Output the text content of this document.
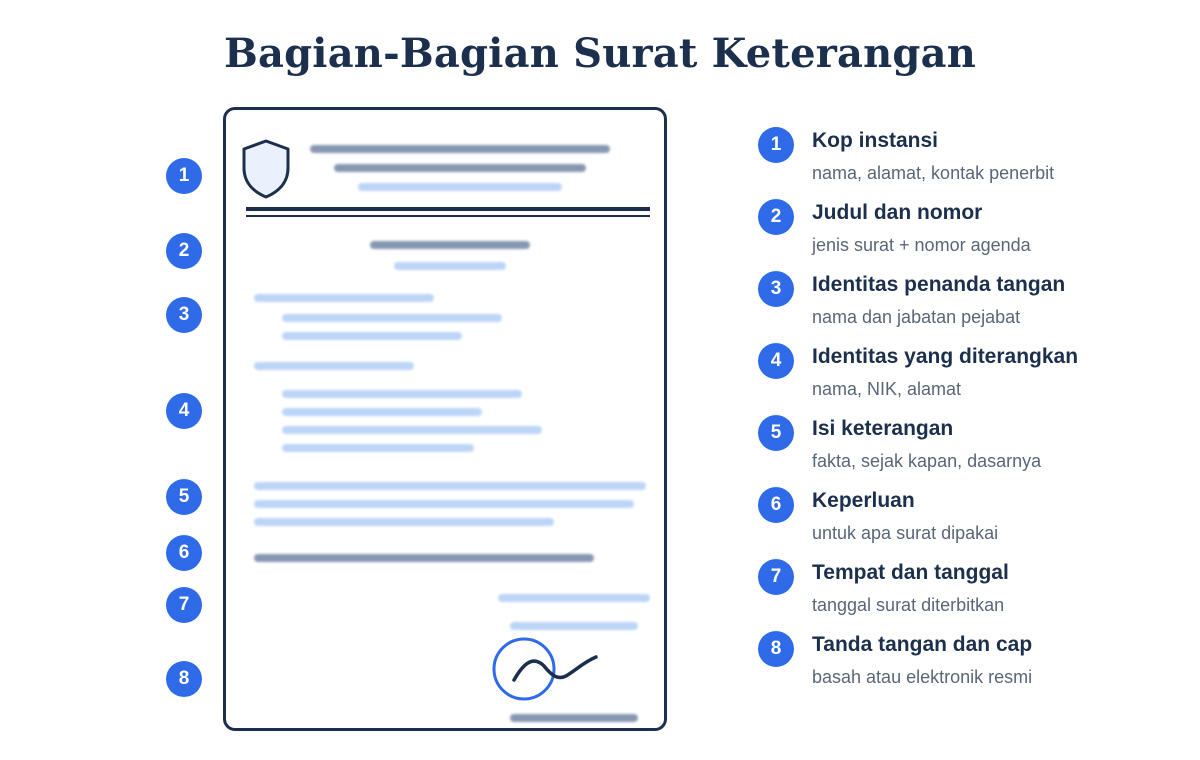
Bagian-Bagian Surat Keterangan
1
2
3
4
5
6
7
8
1	Kop instansi
nama, alamat, kontak penerbit
2	Judul dan nomor
jenis surat + nomor agenda
3	Identitas penanda tangan
nama dan jabatan pejabat
4	Identitas yang diterangkan
nama, NIK, alamat
5	Isi keterangan
fakta, sejak kapan, dasarnya
6	Keperluan
untuk apa surat dipakai
7	Tempat dan tanggal
tanggal surat diterbitkan
8	Tanda tangan dan cap
basah atau elektronik resmi
